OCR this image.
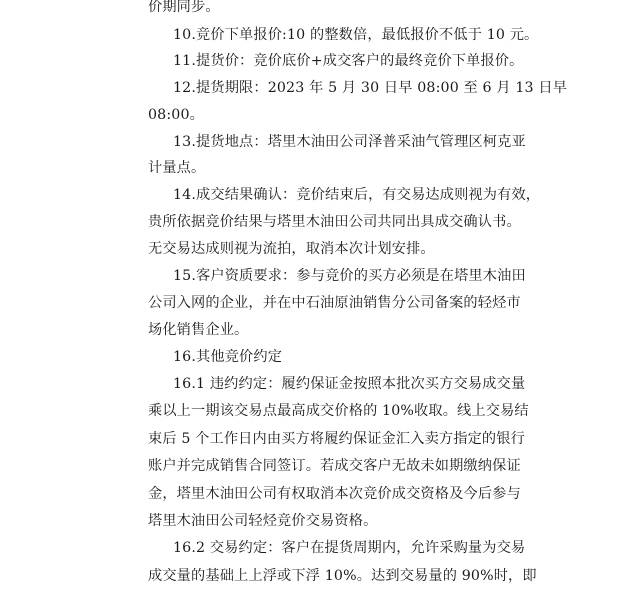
价期同步。
10.竞价下单报价:10 的整数倍，最低报价不低于 10 元。
11.提货价：竞价底价+成交客户的最终竞价下单报价。
12.提货期限：2023 年 5 月 30 日早 08:00 至 6 月 13 日早
08:00。
13.提货地点：塔里木油田公司泽普采油气管理区柯克亚
计量点。
14.成交结果确认：竞价结束后，有交易达成则视为有效，
贵所依据竞价结果与塔里木油田公司共同出具成交确认书。
无交易达成则视为流拍，取消本次计划安排。
15.客户资质要求：参与竞价的买方必须是在塔里木油田
公司入网的企业，并在中石油原油销售分公司备案的轻烃市
场化销售企业。
16.其他竞价约定
16.1 违约约定：履约保证金按照本批次买方交易成交量
乘以上一期该交易点最高成交价格的 10%收取。线上交易结
束后 5 个工作日内由买方将履约保证金汇入卖方指定的银行
账户并完成销售合同签订。若成交客户无故未如期缴纳保证
金，塔里木油田公司有权取消本次竞价成交资格及今后参与
塔里木油田公司轻烃竞价交易资格。
16.2 交易约定：客户在提货周期内，允许采购量为交易
成交量的基础上上浮或下浮 10%。达到交易量的 90%时，即
